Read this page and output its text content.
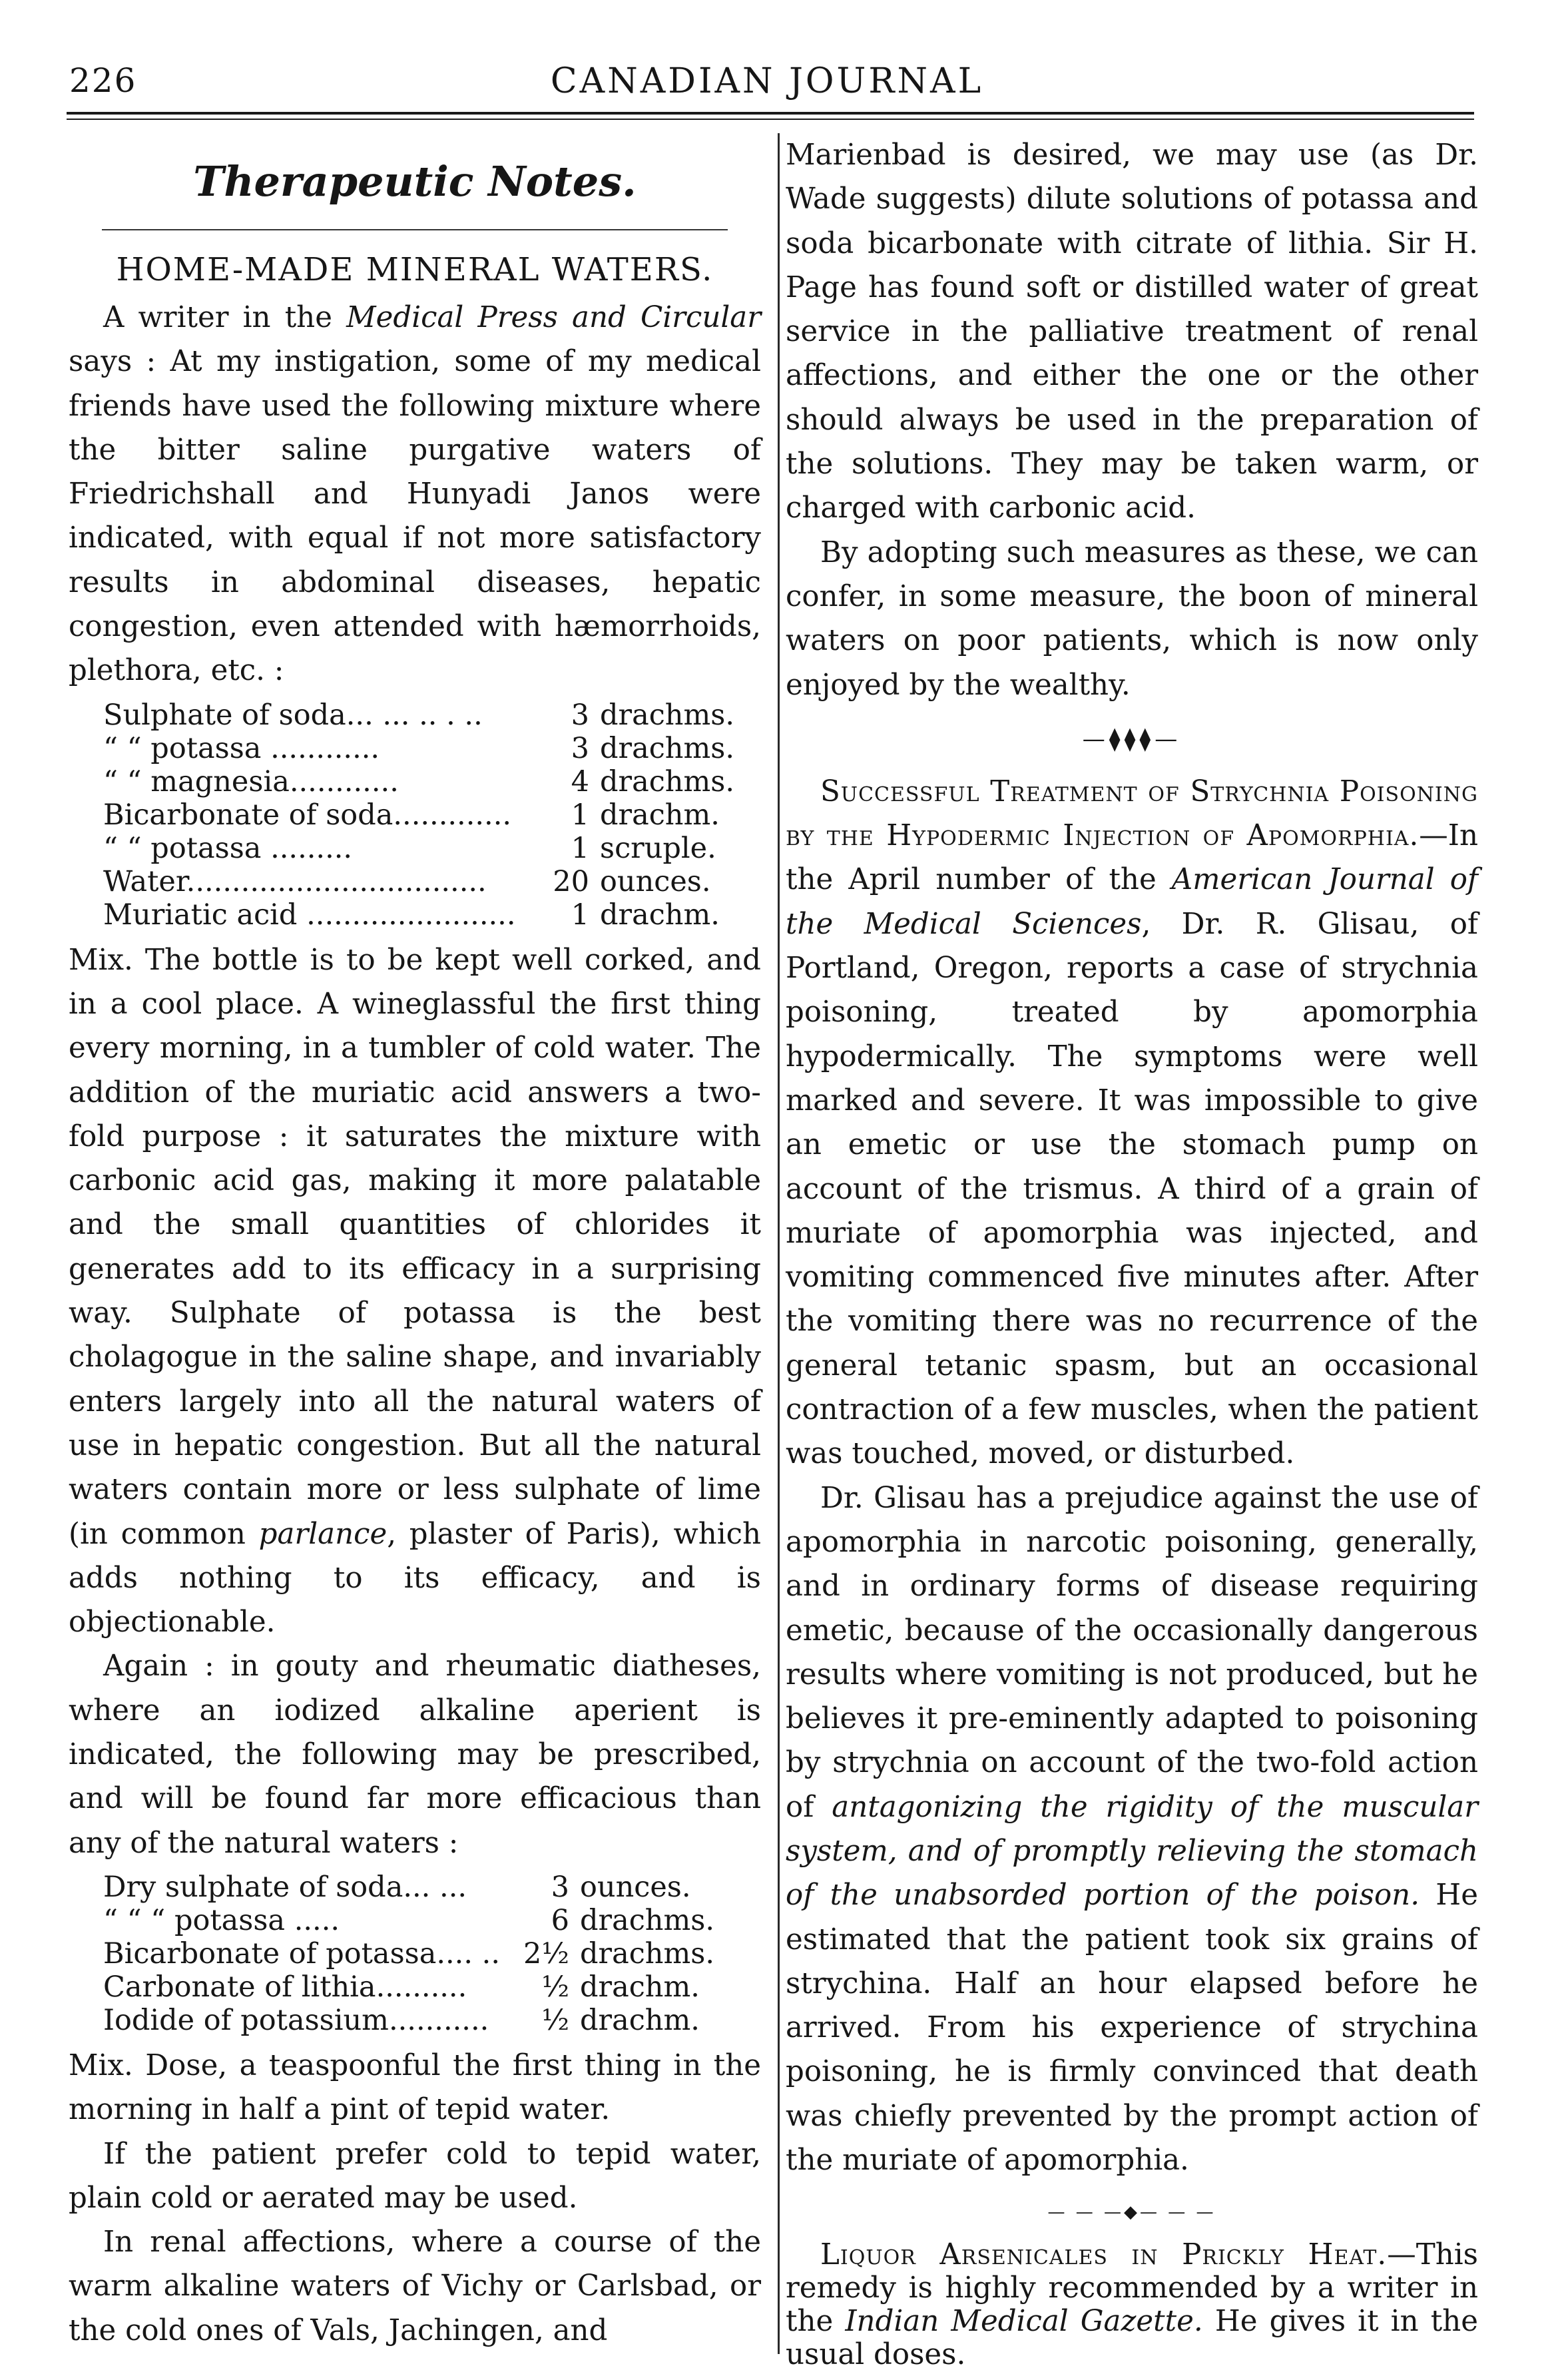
226	CANADIAN JOURNAL
Therapeutic Notes.
HOME-MADE MINERAL WATERS.

A writer in the Medical Press and Circular says : At my instigation, some of my medical friends have used the following mixture where the bitter saline purgative waters of Friedrichshall and Hunyadi Janos were indicated, with equal if not more satisfactory results in abdominal diseases, hepatic congestion, even attended with hæmorrhoids, plethora, etc. :

Sulphate of soda... ... .. . ..	3 drachms.
“ “ potassa ............	3 drachms.
“ “ magnesia............	4 drachms.
Bicarbonate of soda.............	1 drachm.
“ “ potassa .........	1 scruple.
Water.................................	20 ounces.
Muriatic acid .......................	1 drachm.

Mix. The bottle is to be kept well corked, and in a cool place. A wineglassful the first thing every morning, in a tumbler of cold water. The addition of the muriatic acid answers a two-fold purpose : it saturates the mixture with carbonic acid gas, making it more palatable and the small quantities of chlorides it generates add to its efficacy in a surprising way. Sulphate of potassa is the best cholagogue in the saline shape, and invariably enters largely into all the natural waters of use in hepatic congestion. But all the natural waters contain more or less sulphate of lime (in common parlance, plaster of Paris), which adds nothing to its efficacy, and is objectionable.

Again : in gouty and rheumatic diatheses, where an iodized alkaline aperient is indicated, the following may be prescribed, and will be found far more efficacious than any of the natural waters :

Dry sulphate of soda... ...	3 ounces.
“ “ “ potassa .....	6 drachms.
Bicarbonate of potassa.... .. 2½ drachms.
Carbonate of lithia..........	½ drachm.
Iodide of potassium...........	½ drachm.

Mix. Dose, a teaspoonful the first thing in the morning in half a pint of tepid water.

If the patient prefer cold to tepid water, plain cold or aerated may be used.

In renal affections, where a course of the warm alkaline waters of Vichy or Carlsbad, or the cold ones of Vals, Jachingen, and

Marienbad is desired, we may use (as Dr. Wade suggests) dilute solutions of potassa and soda bicarbonate with citrate of lithia. Sir H. Page has found soft or distilled water of great service in the palliative treatment of renal affections, and either the one or the other should always be used in the preparation of the solutions. They may be taken warm, or charged with carbonic acid.

By adopting such measures as these, we can confer, in some measure, the boon of mineral waters on poor patients, which is now only enjoyed by the wealthy.

—⧫⧫⧫—

Successful Treatment of Strychnia Poisoning by the Hypodermic Injection of Apomorphia.—In the April number of the American Journal of the Medical Sciences, Dr. R. Glisau, of Portland, Oregon, reports a case of strychnia poisoning, treated by apomorphia hypodermically. The symptoms were well marked and severe. It was impossible to give an emetic or use the stomach pump on account of the trismus. A third of a grain of muriate of apomorphia was injected, and vomiting commenced five minutes after. After the vomiting there was no recurrence of the general tetanic spasm, but an occasional contraction of a few muscles, when the patient was touched, moved, or disturbed.

Dr. Glisau has a prejudice against the use of apomorphia in narcotic poisoning, generally, and in ordinary forms of disease requiring emetic, because of the occasionally dangerous results where vomiting is not produced, but he believes it pre-eminently adapted to poisoning by strychnia on account of the two-fold action of antagonizing the rigidity of the muscular system, and of promptly relieving the stomach of the unabsorded portion of the poison. He estimated that the patient took six grains of strychina. Half an hour elapsed before he arrived. From his experience of strychina poisoning, he is firmly convinced that death was chiefly prevented by the prompt action of the muriate of apomorphia.

— — —◆— — —

Liquor Arsenicales in Prickly Heat.—This remedy is highly recommended by a writer in the Indian Medical Gazette. He gives it in the usual doses.
